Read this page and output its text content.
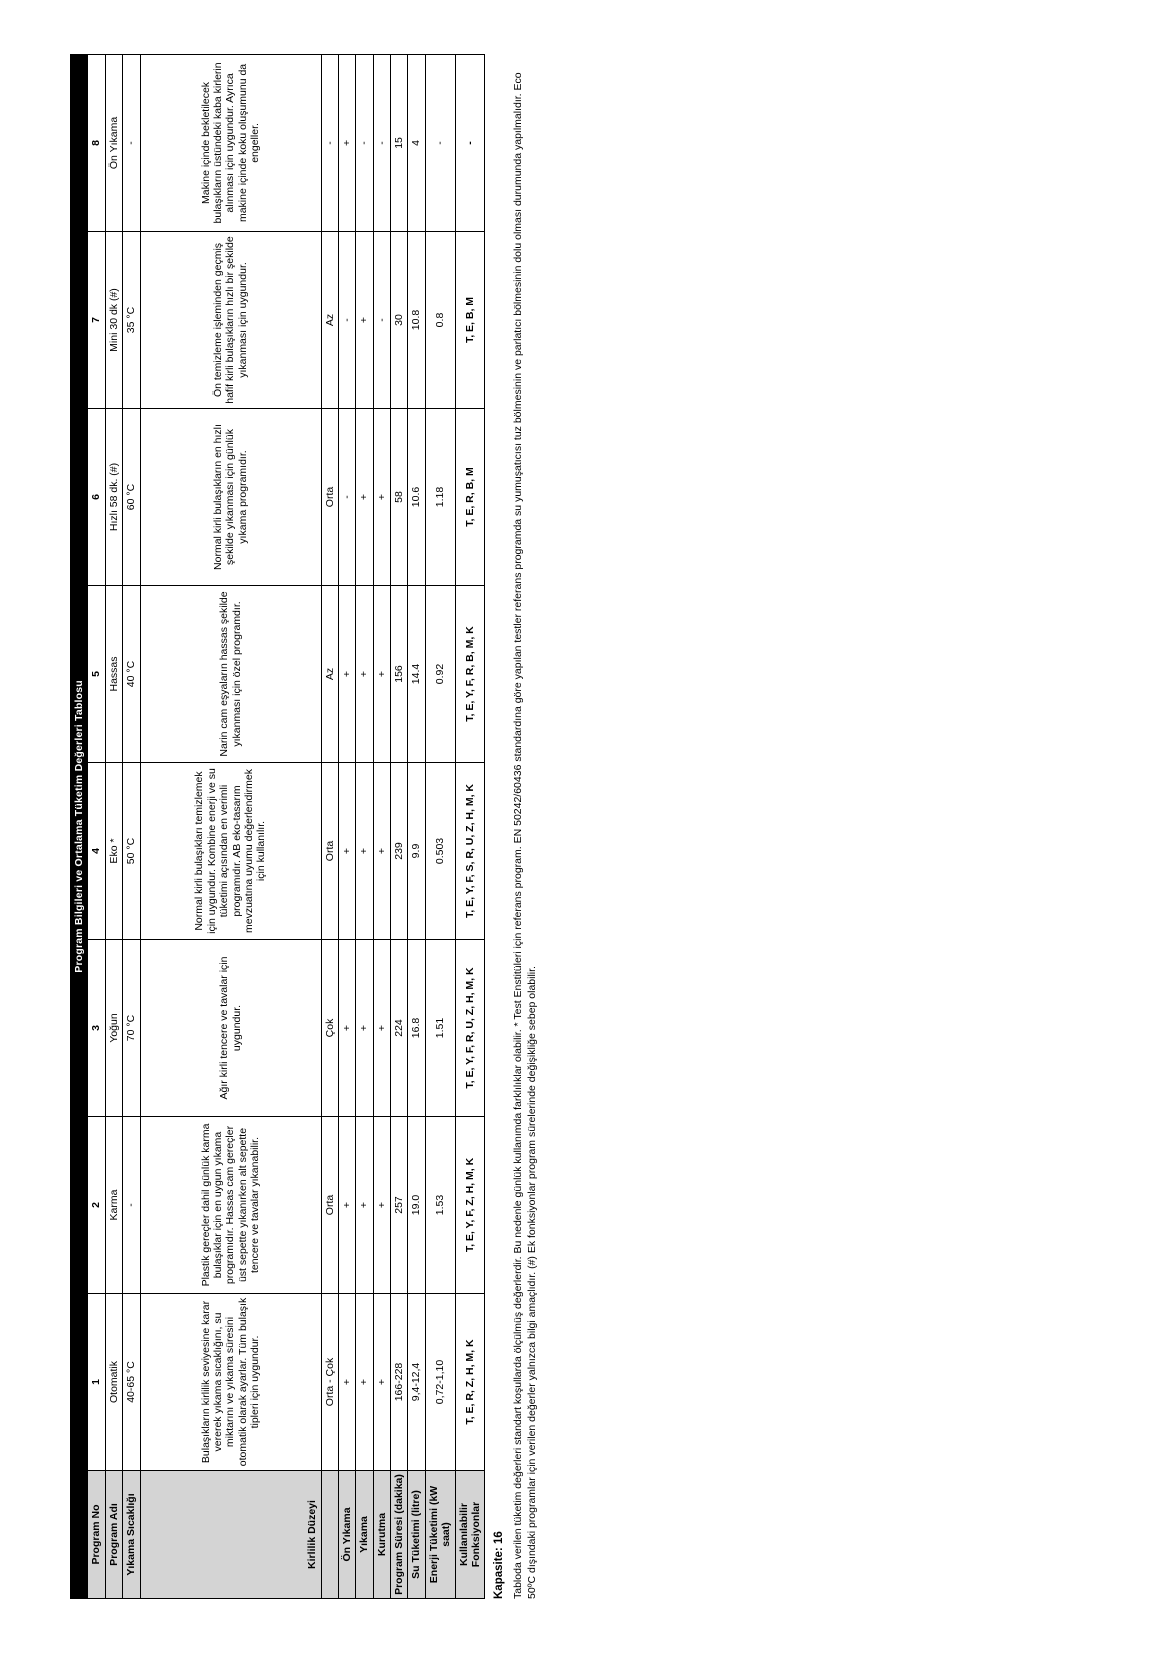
Program Bilgileri ve Ortalama Tüketim Değerleri Tablosu								
Program No	1	2	3	4	5	6	7	8
Program Adı	Otomatik	Karma	Yoğun	Eko *	Hassas	Hızlı 58 dk. (#)	Mini 30 dk (#)	Ön Yıkama
Yıkama Sıcaklığı	40-65 °C	-	70 °C	50 °C	40 °C	60 °C	35 °C	-
Kirlilik Düzeyi	Bulaşıkların kirlilik seviyesine karar vererek yıkama sıcaklığını, su miktarını ve yıkama süresini otomatik olarak ayarlar. Tüm bulaşık tipleri için uygundur.	Plastik gereçler dahil günlük karma bulaşıklar için en uygun yıkama programıdır. Hassas cam gereçler üst sepette yıkanırken alt sepette tencere ve tavalar yıkanabilir.	Ağır kirli tencere ve tavalar için uygundur.	Normal kirli bulaşıkları temizlemek için uygundur. Kombine enerji ve su tüketimi açısından en verimli programıdır. AB eko-tasarım mevzuatına uyumu değerlendirmek için kullanılır.	Narin cam eşyaların hassas şekilde yıkanması için özel programdır.	Normal kirli bulaşıkların en hızlı şekilde yıkanması için günlük yıkama programıdır.	Ön temizleme işleminden geçmiş hafif kirli bulaşıkların hızlı bir şekilde yıkanması için uygundur.	Makine içinde bekletilecek bulaşıkların üstündeki kaba kirlerin alınması için uygundur. Ayrıca makine içinde koku oluşumunu da engeller.
	Orta - Çok	Orta	Çok	Orta	Az	Orta	Az	-
Ön Yıkama	+	+	+	+	+	-	-	+
Yıkama	+	+	+	+	+	+	+	-
Kurutma	+	+	+	+	+	+	-	-
Program Süresi (dakika)	166-228	257	224	239	156	58	30	15
Su Tüketimi (litre)	9,4-12,4	19.0	16.8	9.9	14.4	10.6	10.8	4
Enerji Tüketimi (kW saat)	0,72-1,10	1.53	1.51	0.503	0.92	1.18	0.8	-
Kullanılabilir Fonksiyonlar	T, E, R, Z, H, M, K	T, E, Y, F, Z, H, M, K	T, E, Y, F, R, U, Z, H, M, K	T, E, Y, F, S, R, U, Z, H, M, K	T, E, Y, F, R, B, M, K	T, E, R, B, M	T, E, B, M	-
Kapasite: 16 Tabloda verilen tüketim değerleri standart koşullarda ölçülmüş değerlerdir. Bu nedenle günlük kullanımda farklılıklar olabilir. * Test Enstitüleri için referans program. EN 50242/60436 standardına göre yapılan testler referans programda su yumuşatıcısı tuz bölmesinin ve parlatıcı bölmesinin dolu olması durumunda yapılmalıdır. Eco 50ºC dışındaki programlar için verilen değerler yalnızca bilgi amaçlıdır. (#) Ek fonksiyonlar program sürelerinde değişikliğe sebep olabilir.
